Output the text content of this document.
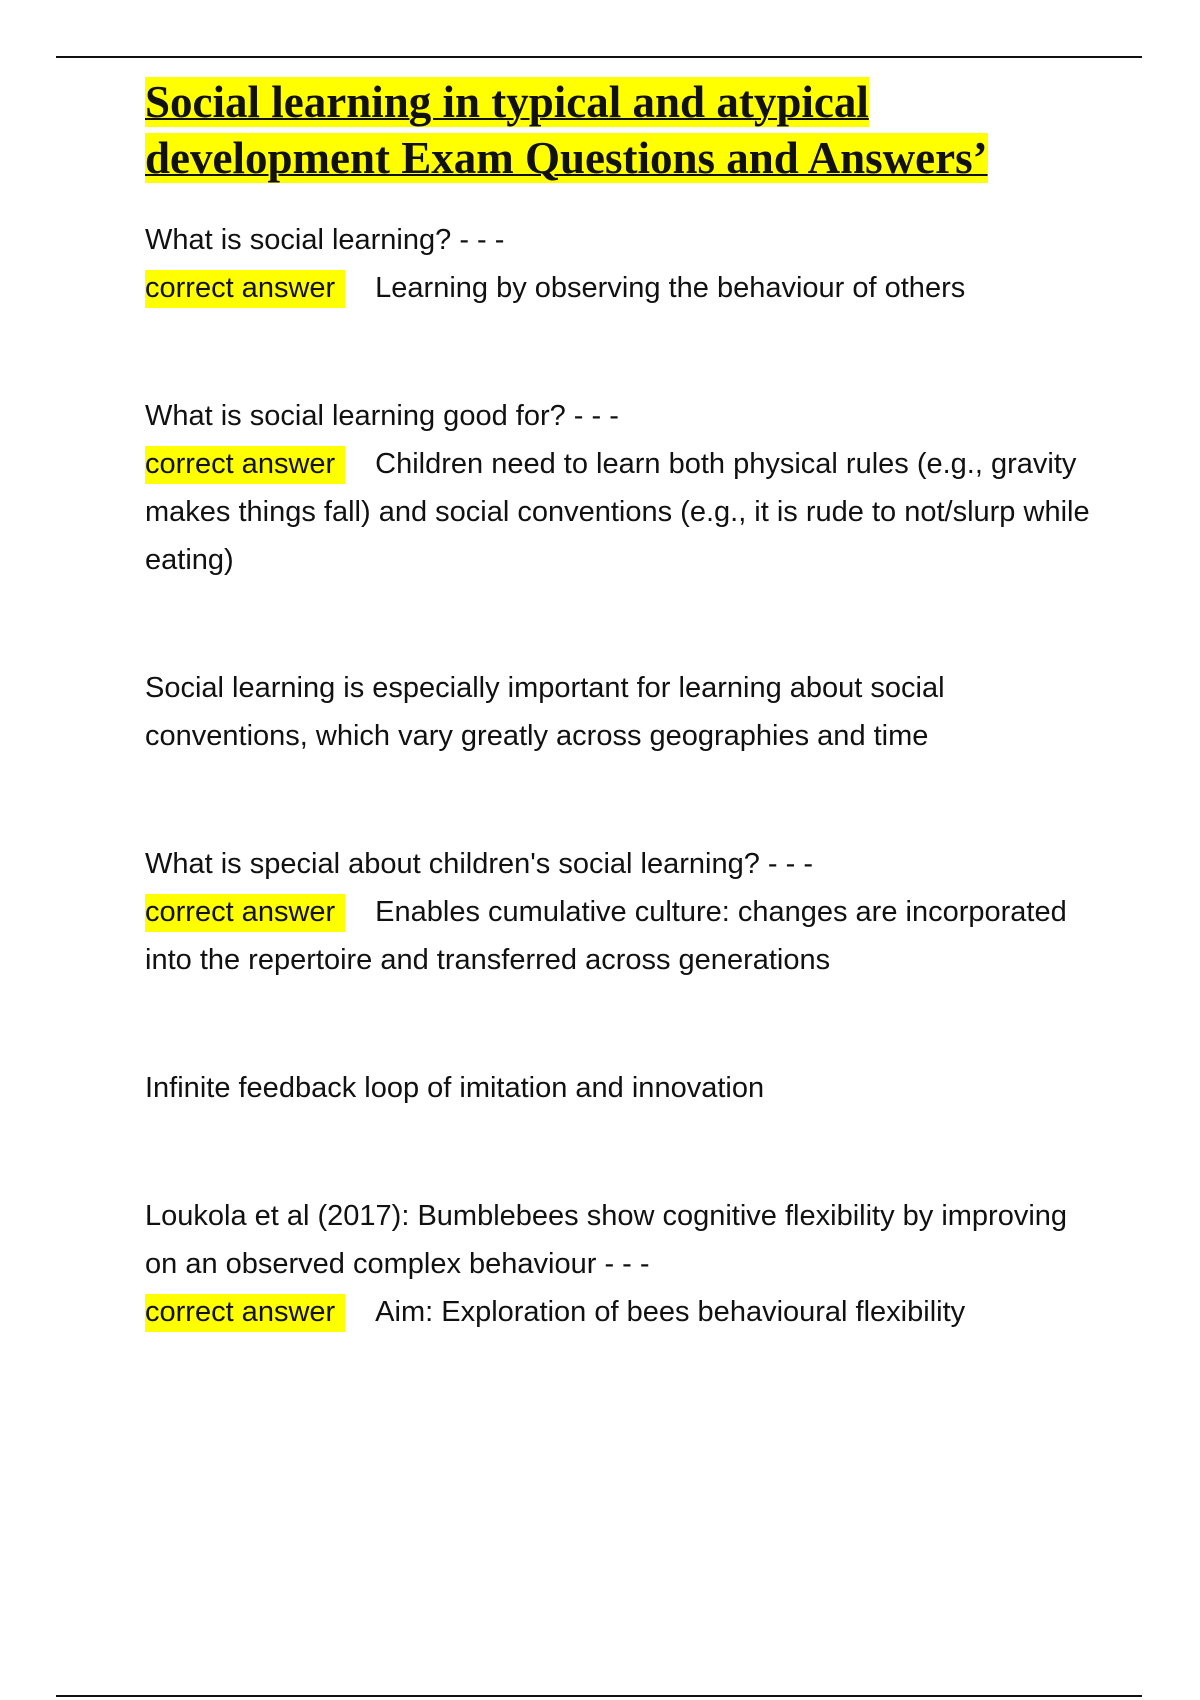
Social learning in typical and atypical
development Exam Questions and Answers’

What is social learning? - - -

correct answer Learning by observing the behaviour of others

What is social learning good for? - - -

correct answer Children need to learn both physical rules (e.g., gravity makes things fall) and social conventions (e.g., it is rude to not/slurp while eating)

Social learning is especially important for learning about social conventions, which vary greatly across geographies and time

What is special about children's social learning? - - -

correct answer Enables cumulative culture: changes are incorporated into the repertoire and transferred across generations

Infinite feedback loop of imitation and innovation

Loukola et al (2017): Bumblebees show cognitive flexibility by improving on an observed complex behaviour - - -

correct answer Aim: Exploration of bees behavioural flexibility
